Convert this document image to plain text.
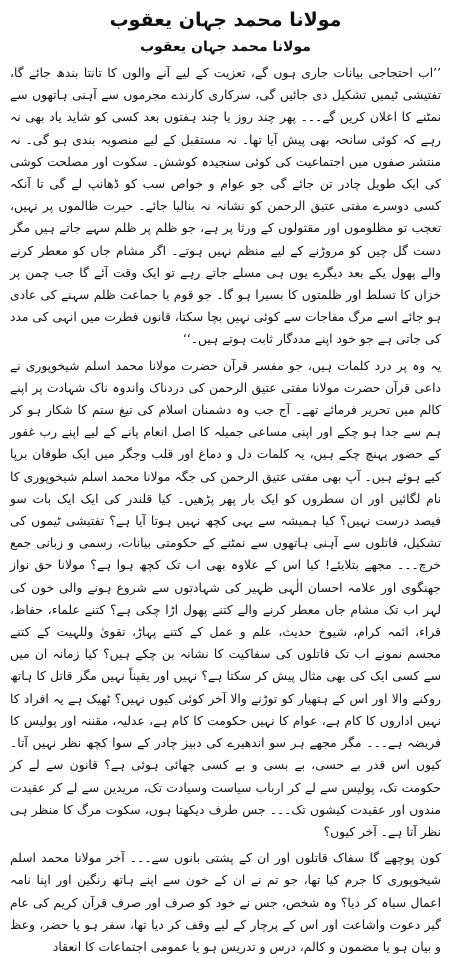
مولانا محمد جہان یعقوب
مولانا محمد جہان یعقوب

’’اب احتجاجی بیانات جاری ہوں گے، تعزیت کے لیے آنے والوں کا تانتا بندھ جائے گا، تفتیشی ٹیمیں تشکیل دی جائیں گی، سرکاری کارندے مجرموں سے آہنی ہاتھوں سے نمٹنے کا اعلان کریں گے۔۔۔ پھر چند روز یا چند ہفتوں بعد کسی کو شاید یاد بھی نہ رہے کہ کوئی سانحہ بھی پیش آیا تھا۔ نہ مستقبل کے لیے منصوبہ بندی ہو گی۔ نہ منتشر صفوں میں اجتماعیت کی کوئی سنجیدہ کوشش۔ سکوت اور مصلحت کوشی کی ایک طویل چادر تن جائے گی جو عوام و خواص سب کو ڈھانپ لے گی تا آنکہ کسی دوسرے مفتی عتیق الرحمن کو نشانہ نہ بنالیا جائے۔ حیرت ظالموں پر نہیں، تعجب تو مظلوموں اور مقتولوں کے ورثا پر ہے، جو ظلم پر ظلم سہے جاتے ہیں مگر دست گل چیں کو مروڑنے کے لیے منظم نہیں ہوتے۔ اگر مشام جاں کو معطر کرنے والے پھول یکے بعد دیگرے یوں ہی مسلے جاتے رہے تو ایک وقت آئے گا جب چمن پر خزاں کا تسلط اور ظلمتوں کا بسیرا ہو گا۔ جو قوم یا جماعت ظلم سہنے کی عادی ہو جائے اسے مرگ مفاجات سے کوئی نہیں بچا سکتا، قانون فطرت میں انہی کی مدد کی جاتی ہے جو خود اپنے مددگار ثابت ہوتے ہیں۔‘‘

یہ وہ پر درد کلمات ہیں، جو مفسر قرآن حضرت مولانا محمد اسلم شیخوپوری نے داعی قرآن حضرت مولانا مفتی عتیق الرحمن کی دردناک واندوہ ناک شہادت پر اپنے کالم میں تحریر فرمائے تھے۔ آج جب وہ دشمنان اسلام کی تیغ ستم کا شکار ہو کر ہم سے جدا ہو چکے اور اپنی مساعی جمیلہ کا اصل انعام پانے کے لیے اپنے رب غفور کے حضور پہنچ چکے ہیں، یہ کلمات دل و دماغ اور قلب وجگر میں ایک طوفان برپا کیے ہوئے ہیں۔ آپ بھی مفتی عتیق الرحمن کی جگہ مولانا محمد اسلم شیخوپوری کا نام لگائیں اور ان سطروں کو ایک بار پھر پڑھیں۔ کیا قلندر کی ایک ایک بات سو فیصد درست نہیں؟ کیا ہمیشہ سے یہی کچھ نہیں ہوتا آیا ہے؟ تفتیشی ٹیموں کی تشکیل، قاتلوں سے آہنی ہاتھوں سے نمٹنے کے حکومتی بیانات، رسمی و زبانی جمع خرچ۔۔۔ مجھے بتلایئے! کیا اس کے علاوہ بھی اب تک کچھ ہوا ہے؟ مولانا حق نواز جھنگوی اور علامہ احسان الٰہی ظہیر کی شہادتوں سے شروع ہونے والی خون کی لہر اب تک مشام جاں معطر کرنے والے کتنے پھول اڑا چکی ہے؟ کتنے علماء، حفاظ، قراء، ائمہ کرام، شیوخ حدیث، علم و عمل کے کتنے پہاڑ، تقویٰ وللہیت کے کتنے مجسم نمونے اب تک قاتلوں کی سفاکیت کا نشانہ بن چکے ہیں؟ کیا زمانہ ان میں سے کسی ایک کی بھی مثال پیش کر سکتا ہے؟ نہیں اور یقیناً نہیں مگر قاتل کا ہاتھ روکنے والا اور اس کے ہتھیار کو توڑنے والا آخر کوئی کیوں نہیں؟ ٹھیک ہے یہ افراد کا نہیں اداروں کا کام ہے، عوام کا نہیں حکومت کا کام ہے، عدلیہ، مقننہ اور پولیس کا فریضہ ہے۔۔۔ مگر مجھے ہر سو اندھیرے کی دبیز چادر کے سوا کچھ نظر نہیں آتا۔ کیوں اس قدر بے حسی، بے بسی و بے کسی چھائی ہوئی ہے؟ قانون سے لے کر حکومت تک، پولیس سے لے کر ارباب سیاست وسیادت تک، مریدین سے لے کر عقیدت مندوں اور عقیدت کیشوں تک۔۔۔ جس طرف دیکھتا ہوں، سکوت مرگ کا منظر ہی نظر آتا ہے۔ آخر کیوں؟

کون پوچھے گا سفاک قاتلوں اور ان کے پشتی بانوں سے۔۔۔ آخر مولانا محمد اسلم شیخوپوری کا جرم کیا تھا، جو تم نے ان کے خون سے اپنے ہاتھ رنگین اور اپنا نامہ اعمال سیاہ کر دیا؟ وہ شخص، جس نے خود کو صرف اور صرف قرآن کریم کی عام گیر دعوت واشاعت اور اس کے پرچار کے لیے وقف کر دیا تھا، سفر ہو یا حضر، وعظ و بیان ہو یا مضمون و کالم، درس و تدریس ہو یا عمومی اجتماعات کا انعقاد
